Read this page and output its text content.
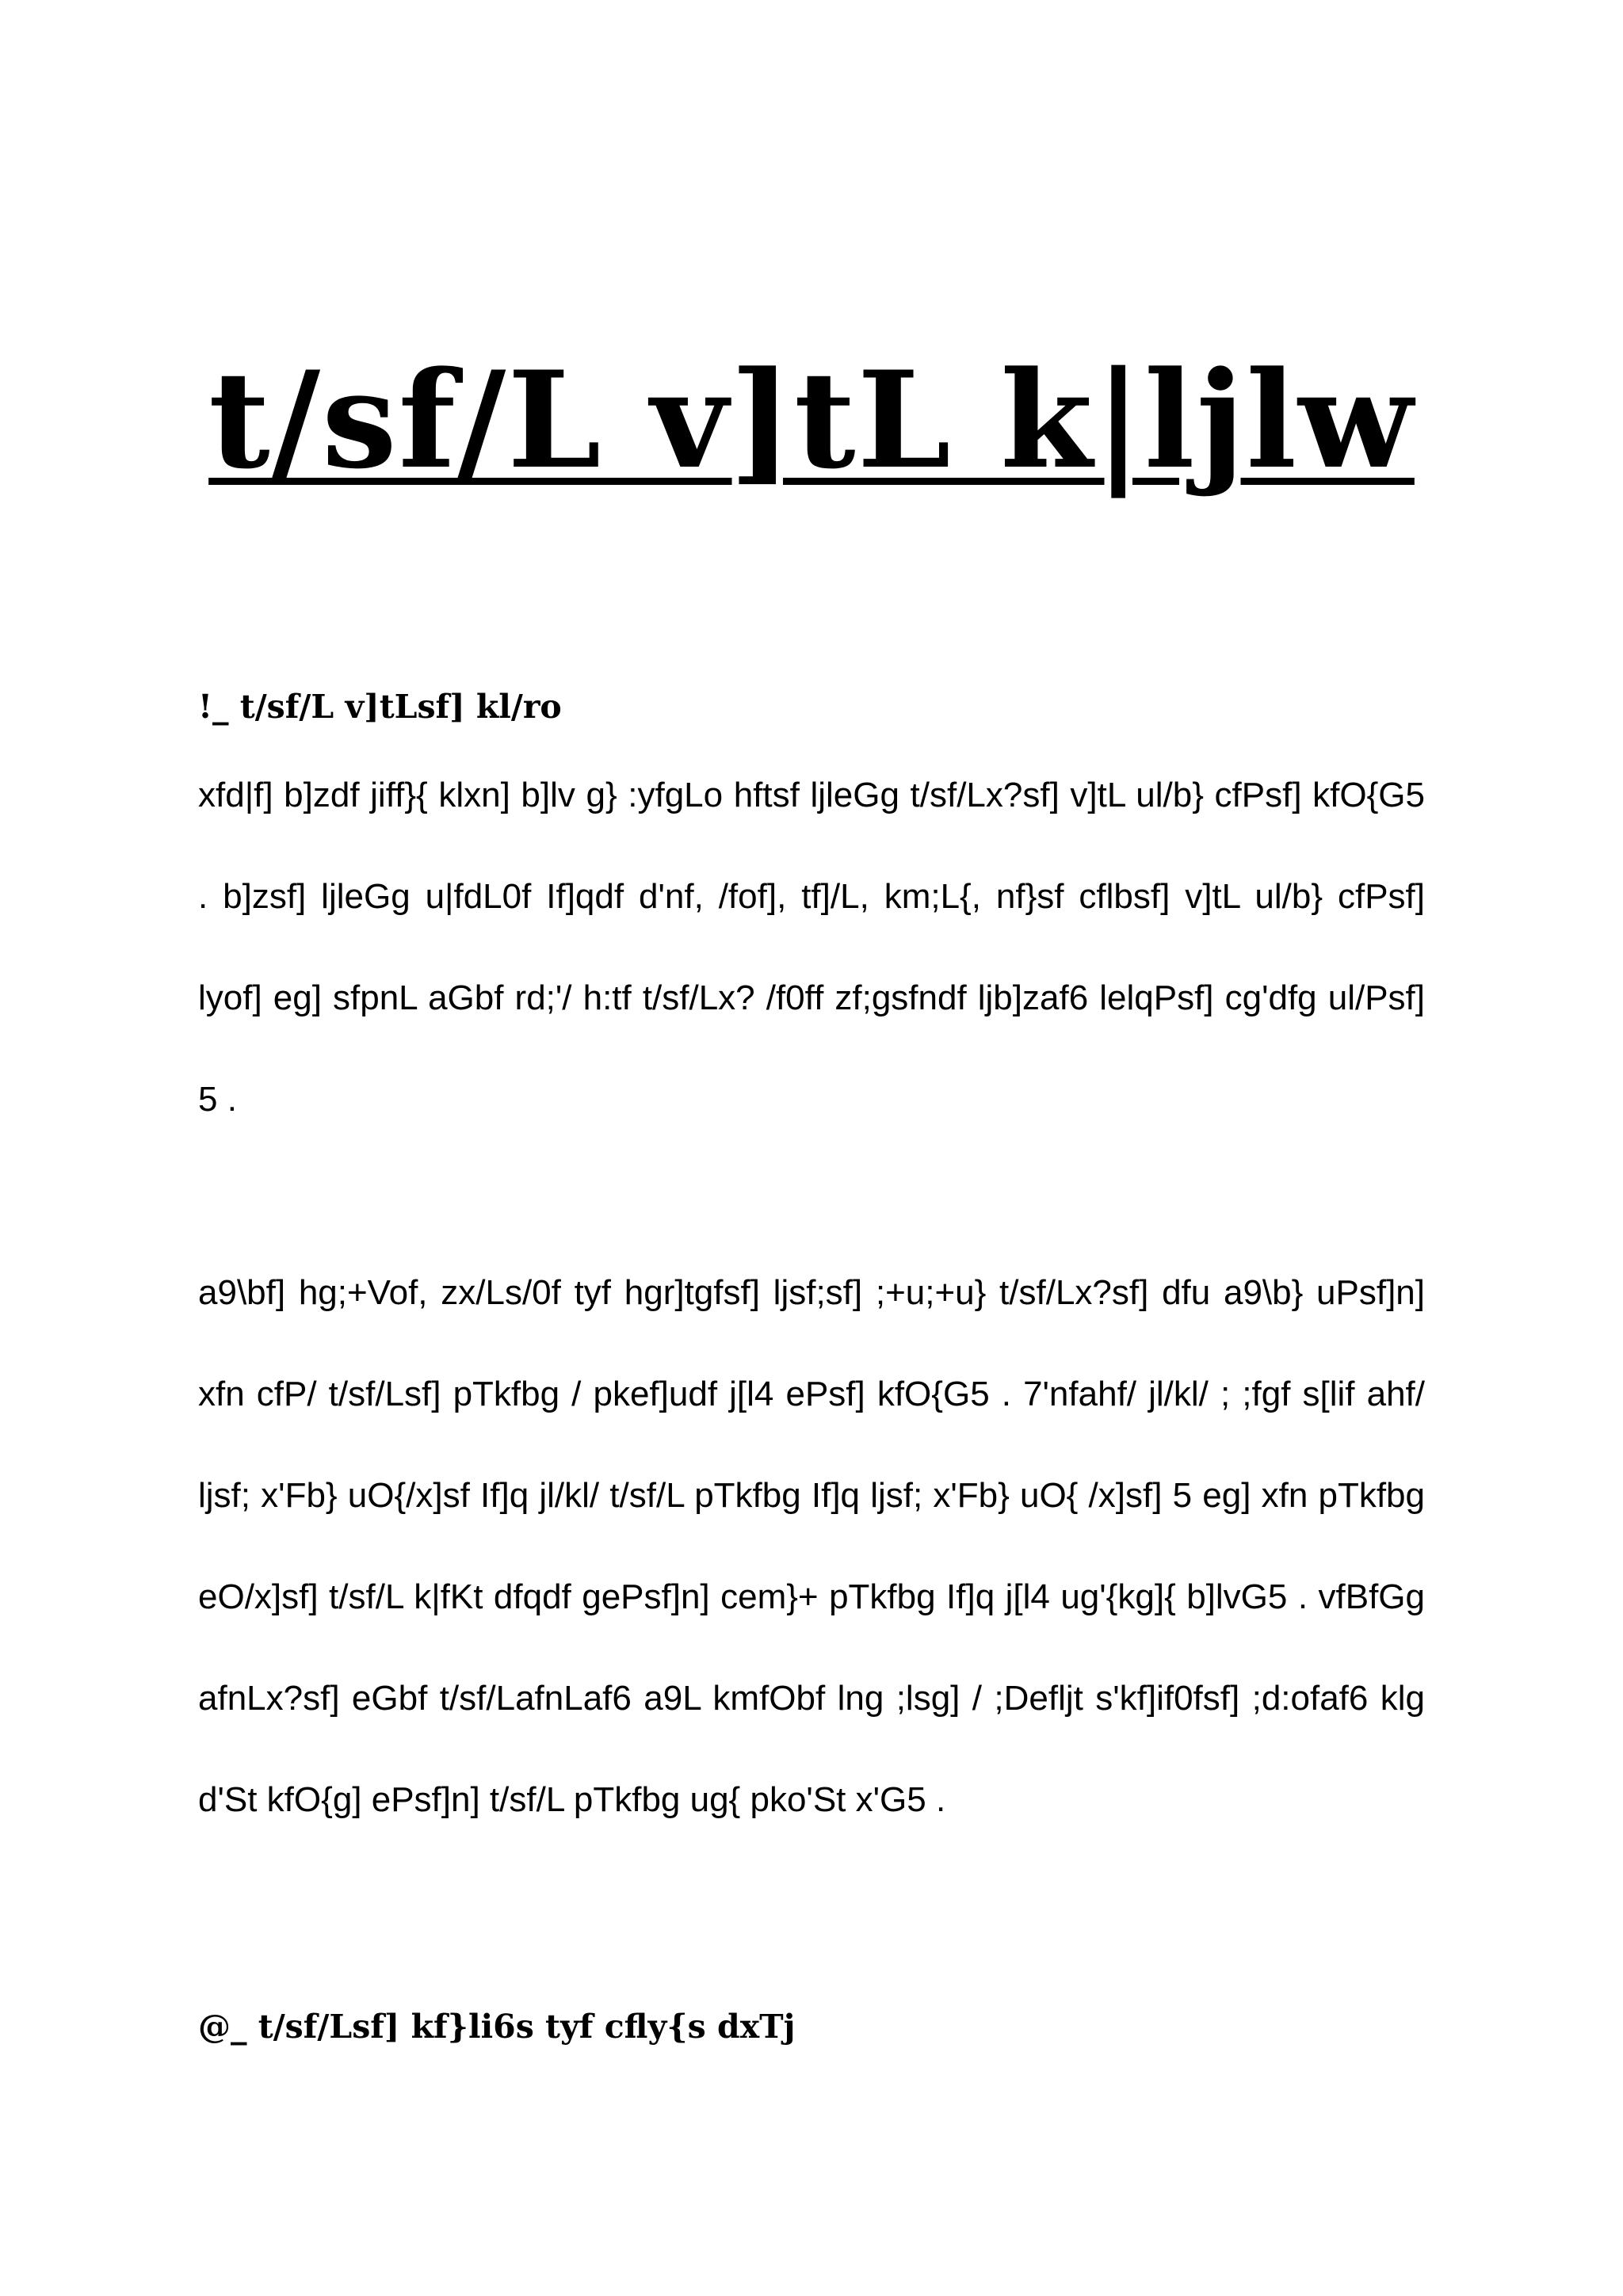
t/sf/L v]tL k|ljlw
!_ t/sf/L v]tLsf] kl/ro

xfd|f] b]zdf jiff}{ klxn] b]lv g} :yfgLo hftsf ljleGg t/sf/Lx?sf] v]tL ul/b} cfPsf] kfO{G5 . b]zsf] ljleGg u|fdL0f If]qdf d'nf, /fof], tf]/L, km;L{, nf}sf cflbsf] v]tL ul/b} cfPsf] lyof] eg] sfpnL aGbf rd;'/ h:tf t/sf/Lx? /f0ff zf;gsfndf ljb]zaf6 lelqPsf] cg'dfg ul/Psf] 5 .

a9\bf] hg;+Vof, zx/Ls/0f tyf hgr]tgfsf] ljsf;sf] ;+u;+u} t/sf/Lx?sf] dfu a9\b} uPsf]n] xfn cfP/ t/sf/Lsf] pTkfbg / pkef]udf j[l4 ePsf] kfO{G5 . 7'nfahf/ jl/kl/ ; ;fgf s[lif ahf/ ljsf; x'Fb} uO{/x]sf If]q jl/kl/ t/sf/L pTkfbg If]q ljsf; x'Fb} uO{ /x]sf] 5 eg] xfn pTkfbg eO/x]sf] t/sf/L k|fKt dfqdf gePsf]n] cem}+ pTkfbg If]q j[l4 ug'{kg]{ b]lvG5 . vfBfGg afnLx?sf] eGbf t/sf/LafnLaf6 a9L kmfObf lng ;lsg] / ;Defljt s'kf]if0fsf] ;d:ofaf6 klg d'St kfO{g] ePsf]n] t/sf/L pTkfbg ug{ pko'St x'G5 .

@_ t/sf/Lsf] kf}li6s tyf cfly{s dxTj
